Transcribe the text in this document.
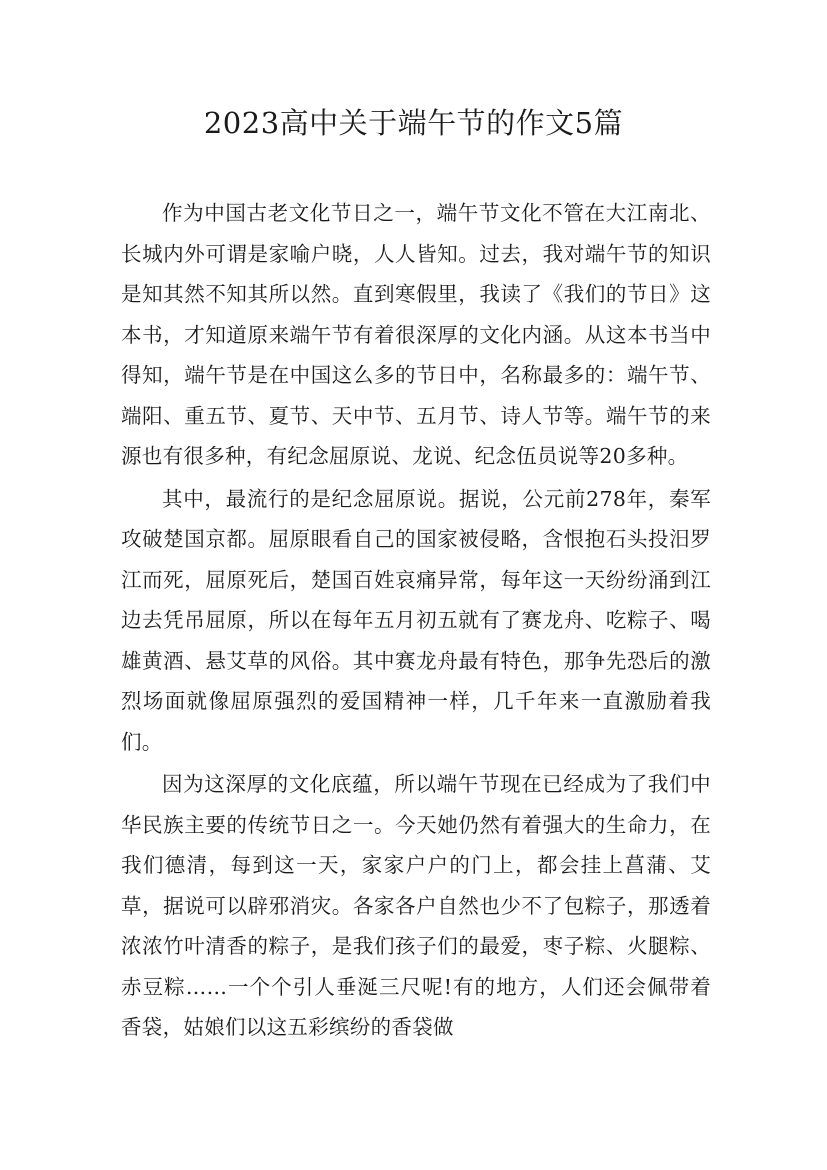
2023高中关于端午节的作文5篇

作为中国古老文化节日之一，端午节文化不管在大江南北、长城内外可谓是家喻户晓，人人皆知。过去，我对端午节的知识是知其然不知其所以然。直到寒假里，我读了《我们的节日》这本书，才知道原来端午节有着很深厚的文化内涵。从这本书当中得知，端午节是在中国这么多的节日中，名称最多的：端午节、端阳、重五节、夏节、天中节、五月节、诗人节等。端午节的来源也有很多种，有纪念屈原说、龙说、纪念伍员说等20多种。

其中，最流行的是纪念屈原说。据说，公元前278年，秦军攻破楚国京都。屈原眼看自己的国家被侵略，含恨抱石头投汨罗江而死，屈原死后，楚国百姓哀痛异常，每年这一天纷纷涌到江边去凭吊屈原，所以在每年五月初五就有了赛龙舟、吃粽子、喝雄黄酒、悬艾草的风俗。其中赛龙舟最有特色，那争先恐后的激烈场面就像屈原强烈的爱国精神一样，几千年来一直激励着我们。

因为这深厚的文化底蕴，所以端午节现在已经成为了我们中华民族主要的传统节日之一。今天她仍然有着强大的生命力，在我们德清，每到这一天，家家户户的门上，都会挂上菖蒲、艾草，据说可以辟邪消灾。各家各户自然也少不了包粽子，那透着浓浓竹叶清香的粽子，是我们孩子们的最爱，枣子粽、火腿粽、赤豆粽……一个个引人垂涎三尺呢!有的地方，人们还会佩带着香袋，姑娘们以这五彩缤纷的香袋做
